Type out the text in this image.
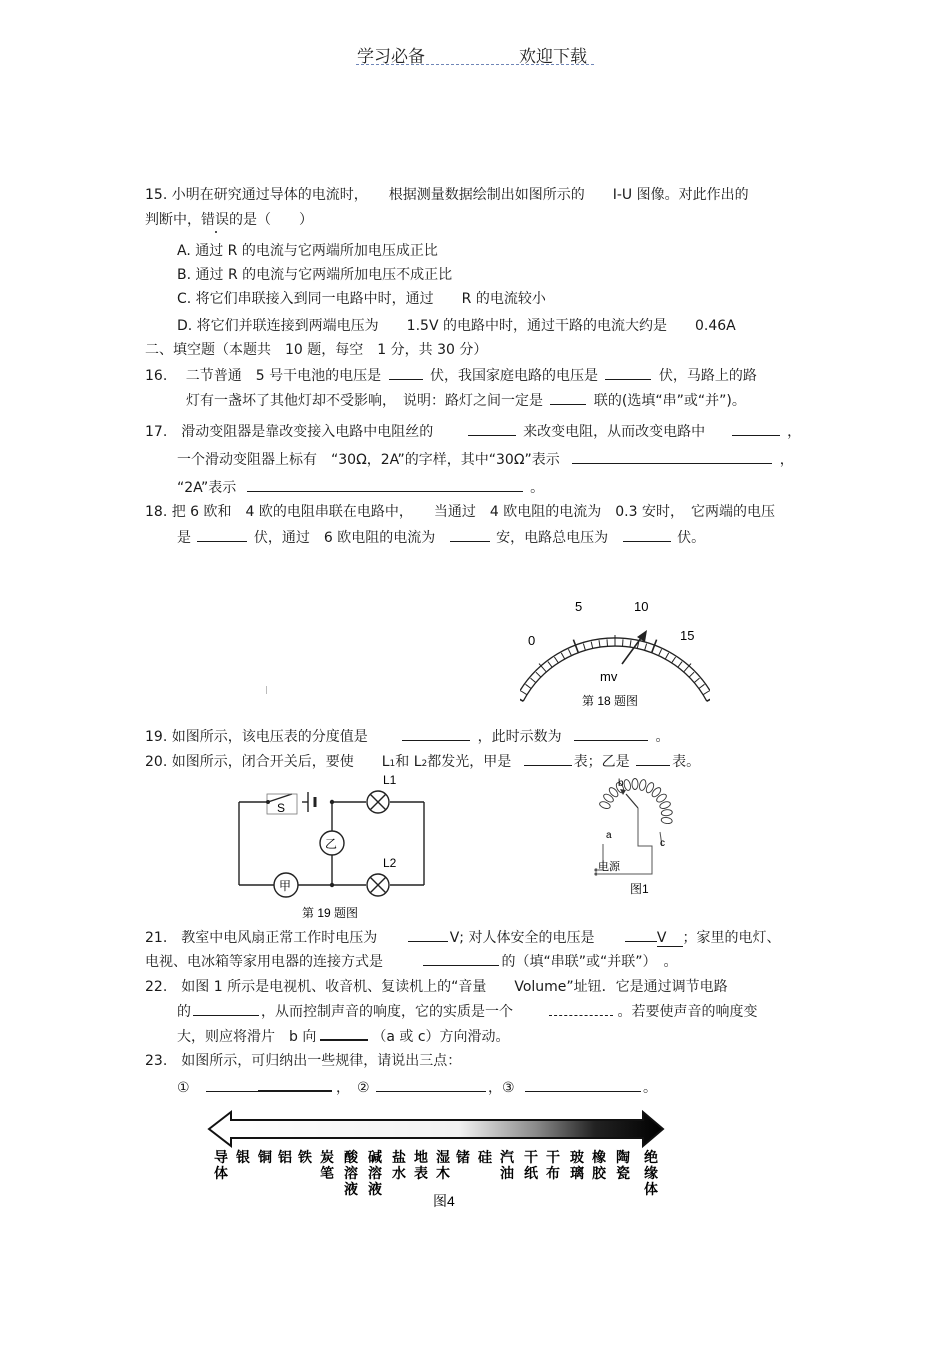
学习必备	欢迎下载
15. 小明在研究通过导体的电流时，　　根据测量数据绘制出如图所示的　　I-U 图像。对此作出的
判断中，错误的是（　　）
A. 通过 R 的电流与它两端所加电压成正比
B. 通过 R 的电流与它两端所加电压不成正比
C. 将它们串联接入到同一电路中时，通过　　R 的电流较小
D. 将它们并联连接到两端电压为　　1.5V 的电路中时，通过干路的电流大约是　　0.46A
二、填空题（本题共　10 题，每空　1 分，共 30 分）
16.　 二节普通　5 号干电池的电压是	伏，我国家庭电路的电压是	伏，马路上的路
灯有一盏坏了其他灯却不受影响，　说明：路灯之间一定是	联的(选填“串”或“并”)。
17.　滑动变阻器是靠改变接入电路中电阻丝的	来改变电阻，从而改变电路中	，
一个滑动变阻器上标有　“30Ω，2A”的字样，其中“30Ω”表示	，
“2A”表示	。
18. 把 6 欧和　4 欧的电阻串联在电路中，　　当通过　4 欧电阻的电流为　0.3 安时，　它两端的电压
是	伏，通过　6 欧电阻的电流为	安，电路总电压为	伏。
0
5	10
15
mv
第 18 题图
19. 如图所示，该电压表的分度值是	，此时示数为	。
20. 如图所示，闭合开关后，要使　　L1和 L2都发光，甲是	表；乙是	表。
S
L1
L2
乙
甲
第 19 题图
b
a
c
电源
图1
21.　教室中电风扇正常工作时电压为	V; 对人体安全的电压是	V ；家里的电灯、
电视、电冰箱等家用电器的连接方式是	的（填“串联”或“并联”）　。
22.　如图 1 所示是电视机、收音机、复读机上的“音量　　Volume”址钮．它是通过调节电路
的	，从而控制声音的响度，它的实质是一个	。若要使声音的响度变
大，则应将滑片　b 向	（a 或 c）方向滑动。
23.　如图所示，可归纳出一些规律，请说出三点：
①	，　②	，③	。
导体
银 铜 铝 铁 炭笔
酸溶液
碱溶液
盐水
地表
湿木
锗 硅 汽油
干纸
干布
玻璃
橡胶
陶瓷
绝缘体
图4
